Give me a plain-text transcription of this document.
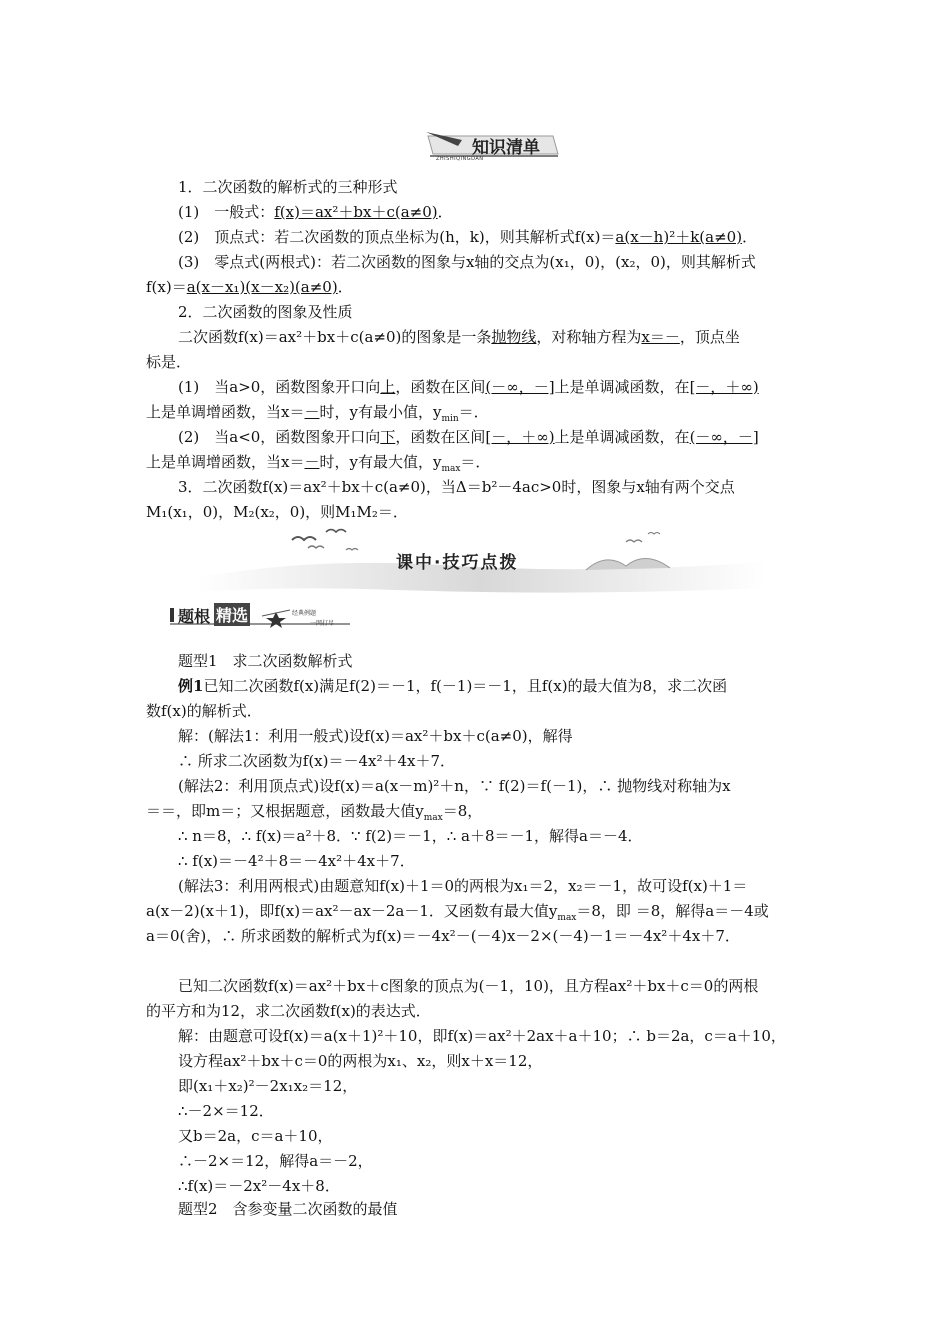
知识清单
ZHISHIQINGDAN
1．二次函数的解析式的三种形式
(1)　一般式：f(x)＝ax²＋bx＋c(a≠0)．
(2)　顶点式：若二次函数的顶点坐标为(h，k)，则其解析式f(x)＝a(x－h)²＋k(a≠0)．
(3)　零点式(两根式)：若二次函数的图象与x轴的交点为(x₁，0)，(x₂，0)，则其解析式
f(x)＝a(x－x₁)(x－x₂)(a≠0)．
2．二次函数的图象及性质
二次函数f(x)＝ax²＋bx＋c(a≠0)的图象是一条抛物线，对称轴方程为x＝－，顶点坐
标是．
(1)　当a>0，函数图象开口向上，函数在区间(－∞，－]上是单调减函数，在[－，＋∞)
上是单调增函数，当x＝－时，y有最小值，$y_{min}=$．
(2)　当a<0，函数图象开口向下，函数在区间[－，＋∞)上是单调减函数，在(－∞，－]
上是单调增函数，当x＝－时，y有最大值，$y_{max}=$．
3．二次函数f(x)＝ax²＋bx＋c(a≠0)，当Δ＝b²－4ac>0时，图象与x轴有两个交点
M₁(x₁，0)，M₂(x₂，0)，则M₁M₂＝．
课中·技巧点拨
题根 精选	经典例题
一网打尽
题型1　求二次函数解析式
例1已知二次函数f(x)满足f(2)＝－1，f(－1)＝－1，且f(x)的最大值为8，求二次函
数f(x)的解析式．
解：(解法1：利用一般式)设f(x)＝ax²＋bx＋c(a≠0)，解得
∴ 所求二次函数为f(x)＝－4x²＋4x＋7．
(解法2：利用顶点式)设f(x)＝a(x－m)²＋n，∵ f(2)＝f(－1)，∴ 抛物线对称轴为x
＝＝，即m＝；又根据题意，函数最大值$y_{max}=8$，
∴ n＝8，∴ f(x)＝a²＋8．∵ f(2)＝－1，∴ a＋8＝－1，解得a＝－4．
∴ f(x)＝－4²＋8＝－4x²＋4x＋7．
(解法3：利用两根式)由题意知f(x)＋1＝0的两根为x₁＝2，x₂＝－1，故可设f(x)＋1＝
a(x－2)(x＋1)，即f(x)＝ax²－ax－2a－1．又函数有最大值$y_{max}=8$，即 ＝8，解得a＝－4或
a＝0(舍)，∴ 所求函数的解析式为f(x)＝－4x²－(－4)x－2×(－4)－1＝－4x²＋4x＋7．
已知二次函数f(x)＝ax²＋bx＋c图象的顶点为(－1，10)，且方程ax²＋bx＋c＝0的两根
的平方和为12，求二次函数f(x)的表达式．
解：由题意可设f(x)＝a(x＋1)²＋10，即f(x)＝ax²＋2ax＋a＋10；∴ b＝2a，c＝a＋10，
设方程ax²＋bx＋c＝0的两根为x₁、x₂，则x＋x＝12，
即(x₁＋x₂)²－2x₁x₂＝12，
∴－2×＝12．
又b＝2a，c＝a＋10，
∴－2×＝12，解得a＝－2，
∴f(x)＝－2x²－4x＋8．
题型2　含参变量二次函数的最值
